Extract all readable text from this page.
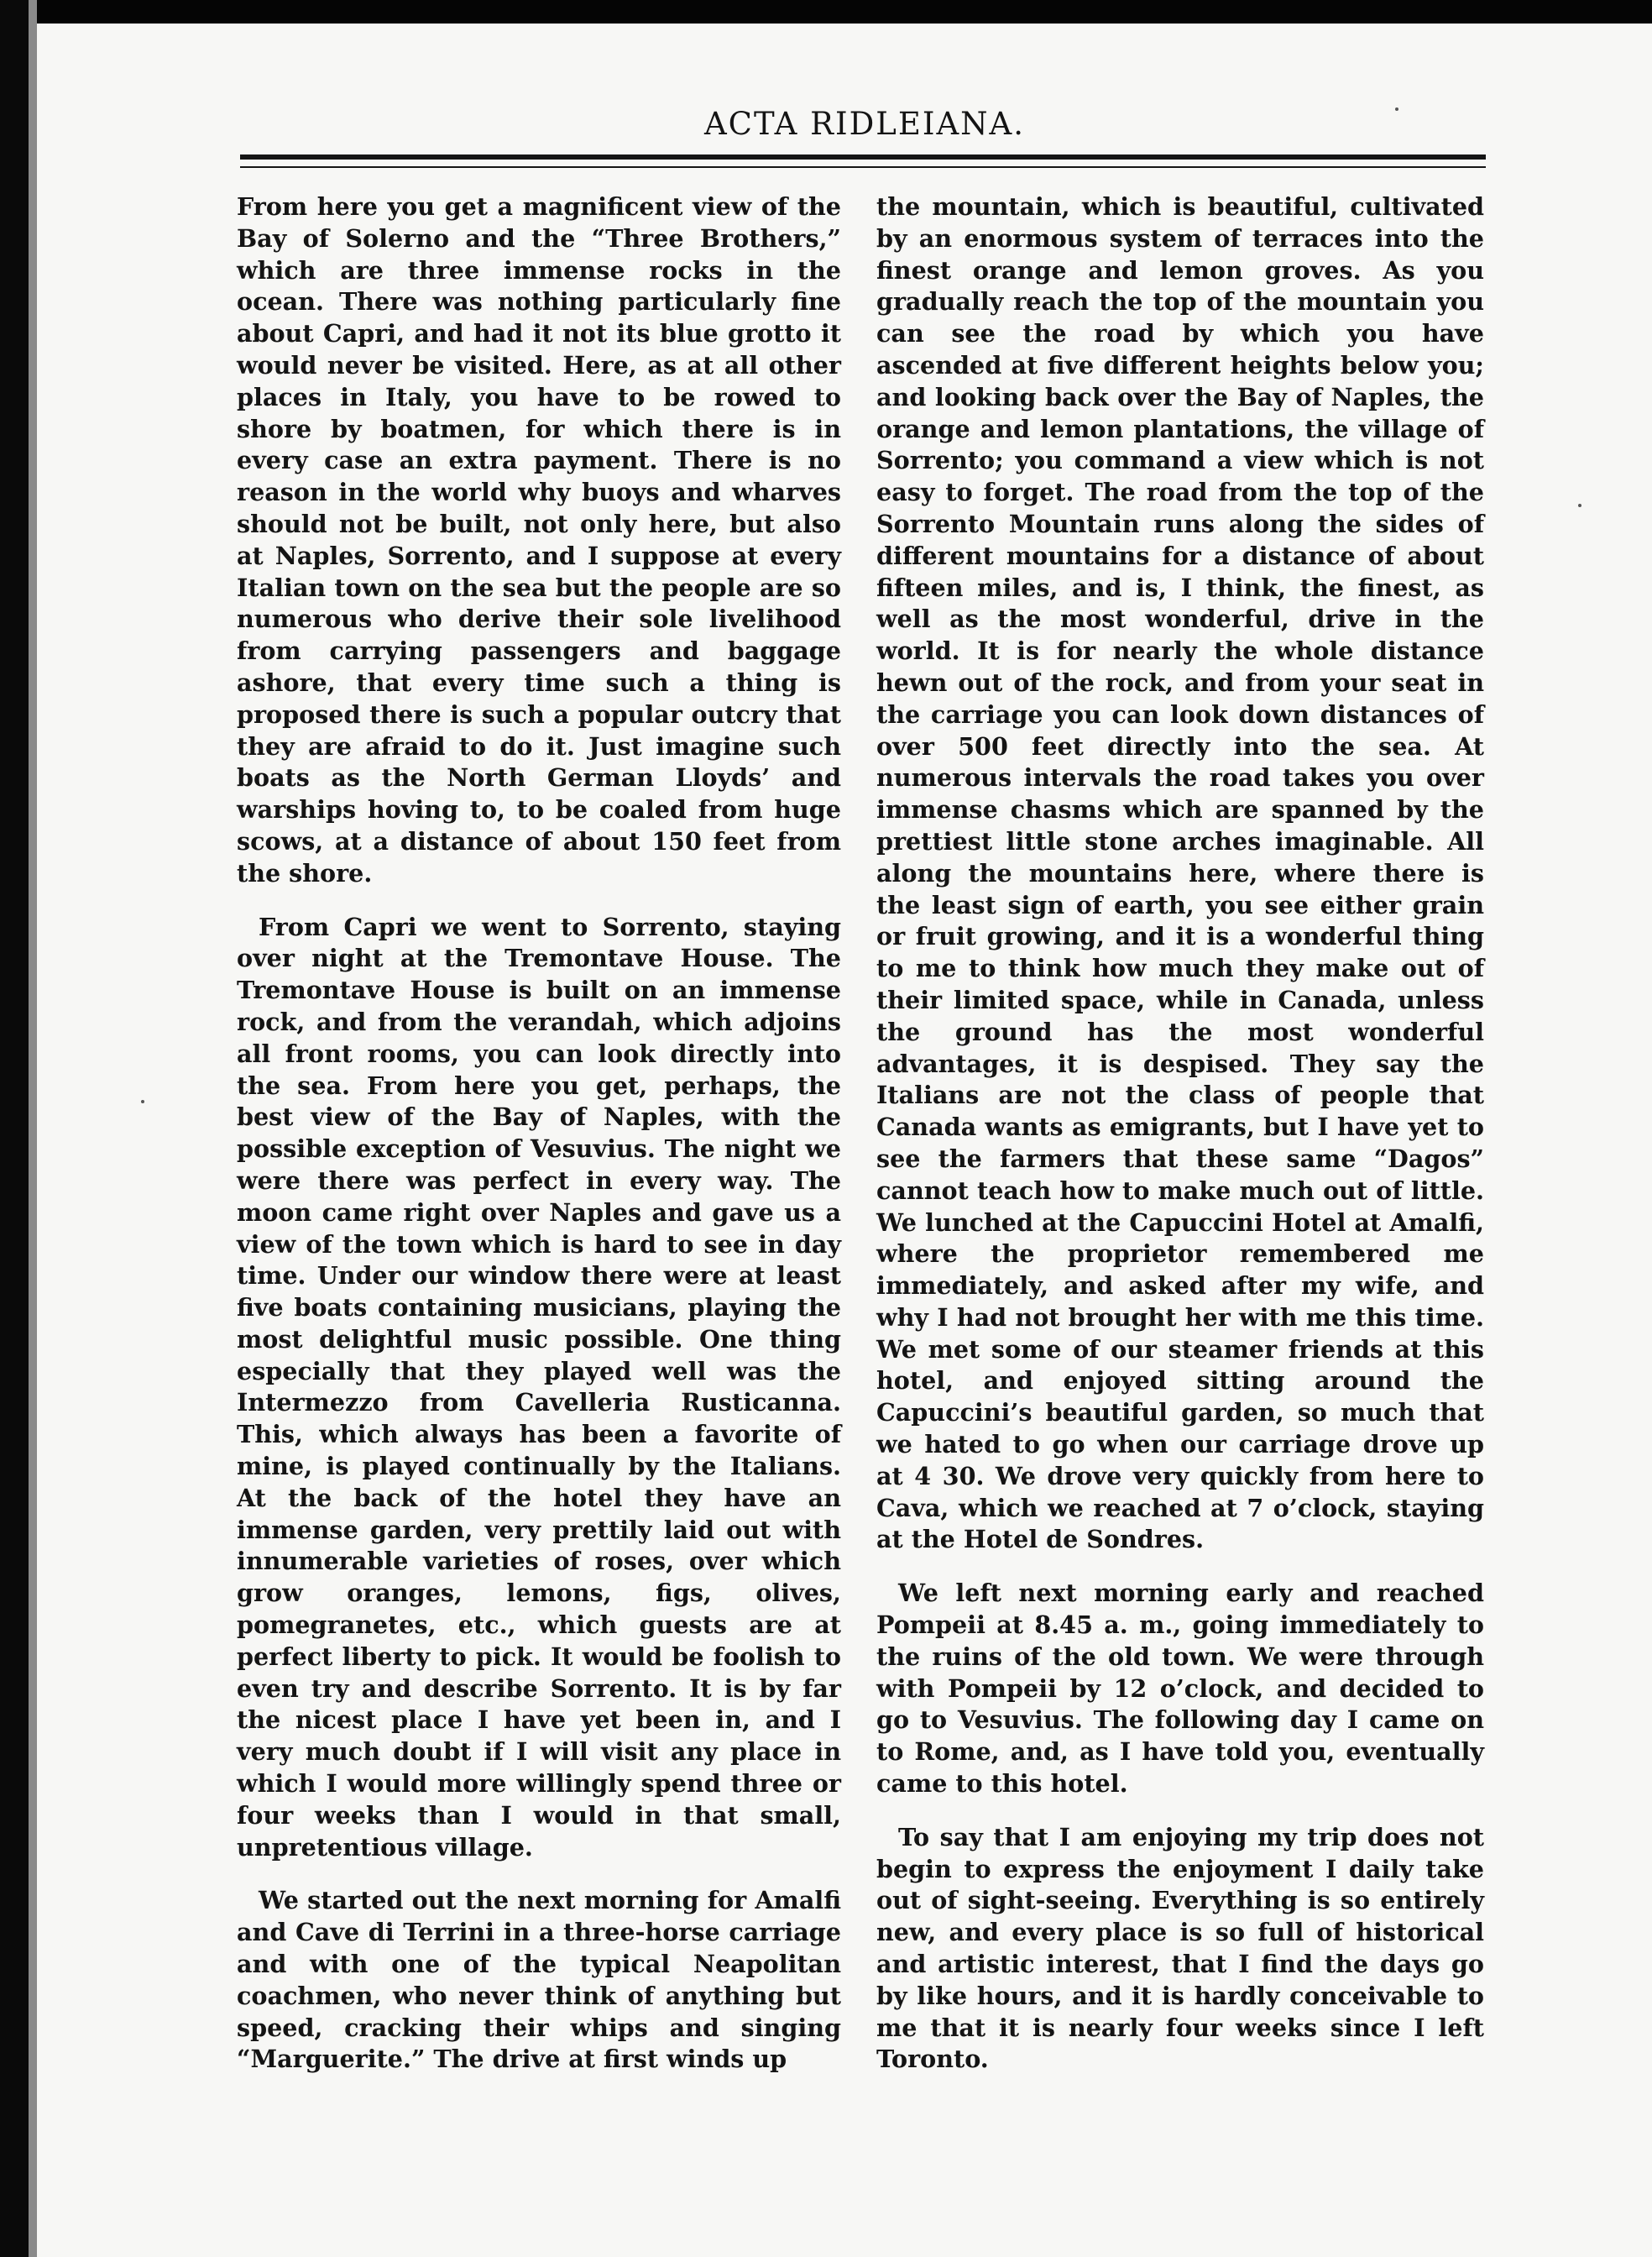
ACTA RIDLEIANA.

From here you get a magnificent view of the Bay of Solerno and the “Three Brothers,” which are three immense rocks in the ocean. There was nothing particularly fine about Capri, and had it not its blue grotto it would never be visited. Here, as at all other places in Italy, you have to be rowed to shore by boatmen, for which there is in every case an extra payment. There is no reason in the world why buoys and wharves should not be built, not only here, but also at Naples, Sorrento, and I suppose at every Italian town on the sea but the people are so numerous who derive their sole livelihood from carrying passengers and baggage ashore, that every time such a thing is proposed there is such a popular outcry that they are afraid to do it. Just imagine such boats as the North German Lloyds’ and warships hoving to, to be coaled from huge scows, at a distance of about 150 feet from the shore.

From Capri we went to Sorrento, staying over night at the Tremontave House. The Tremontave House is built on an immense rock, and from the verandah, which adjoins all front rooms, you can look directly into the sea. From here you get, perhaps, the best view of the Bay of Naples, with the possible exception of Vesuvius. The night we were there was perfect in every way. The moon came right over Naples and gave us a view of the town which is hard to see in day time. Under our window there were at least five boats containing musicians, playing the most delightful music possible. One thing especially that they played well was the Intermezzo from Cavelleria Rusticanna. This, which always has been a favorite of mine, is played continually by the Italians. At the back of the hotel they have an immense garden, very prettily laid out with innumerable varieties of roses, over which grow oranges, lemons, figs, olives, pomegranetes, etc., which guests are at perfect liberty to pick. It would be foolish to even try and describe Sorrento. It is by far the nicest place I have yet been in, and I very much doubt if I will visit any place in which I would more willingly spend three or four weeks than I would in that small, unpretentious village.

We started out the next morning for Amalfi and Cave di Terrini in a three-horse carriage and with one of the typical Neapolitan coachmen, who never think of anything but speed, cracking their whips and singing “Marguerite.” The drive at first winds up

the mountain, which is beautiful, cultivated by an enormous system of terraces into the finest orange and lemon groves. As you gradually reach the top of the mountain you can see the road by which you have ascended at five different heights below you; and looking back over the Bay of Naples, the orange and lemon plantations, the village of Sorrento; you command a view which is not easy to forget. The road from the top of the Sorrento Mountain runs along the sides of different mountains for a distance of about fifteen miles, and is, I think, the finest, as well as the most wonderful, drive in the world. It is for nearly the whole distance hewn out of the rock, and from your seat in the carriage you can look down distances of over 500 feet directly into the sea. At numerous intervals the road takes you over immense chasms which are spanned by the prettiest little stone arches imaginable. All along the mountains here, where there is the least sign of earth, you see either grain or fruit growing, and it is a wonderful thing to me to think how much they make out of their limited space, while in Canada, unless the ground has the most wonderful advantages, it is despised. They say the Italians are not the class of people that Canada wants as emigrants, but I have yet to see the farmers that these same “Dagos” cannot teach how to make much out of little. We lunched at the Capuccini Hotel at Amalfi, where the proprietor remembered me immediately, and asked after my wife, and why I had not brought her with me this time. We met some of our steamer friends at this hotel, and enjoyed sitting around the Capuccini’s beautiful garden, so much that we hated to go when our carriage drove up at 4 30. We drove very quickly from here to Cava, which we reached at 7 o’clock, staying at the Hotel de Sondres.

We left next morning early and reached Pompeii at 8.45 a. m., going immediately to the ruins of the old town. We were through with Pompeii by 12 o’clock, and decided to go to Vesuvius. The following day I came on to Rome, and, as I have told you, eventually came to this hotel.

To say that I am enjoying my trip does not begin to express the enjoyment I daily take out of sight-seeing. Everything is so entirely new, and every place is so full of historical and artistic interest, that I find the days go by like hours, and it is hardly conceivable to me that it is nearly four weeks since I left Toronto.
